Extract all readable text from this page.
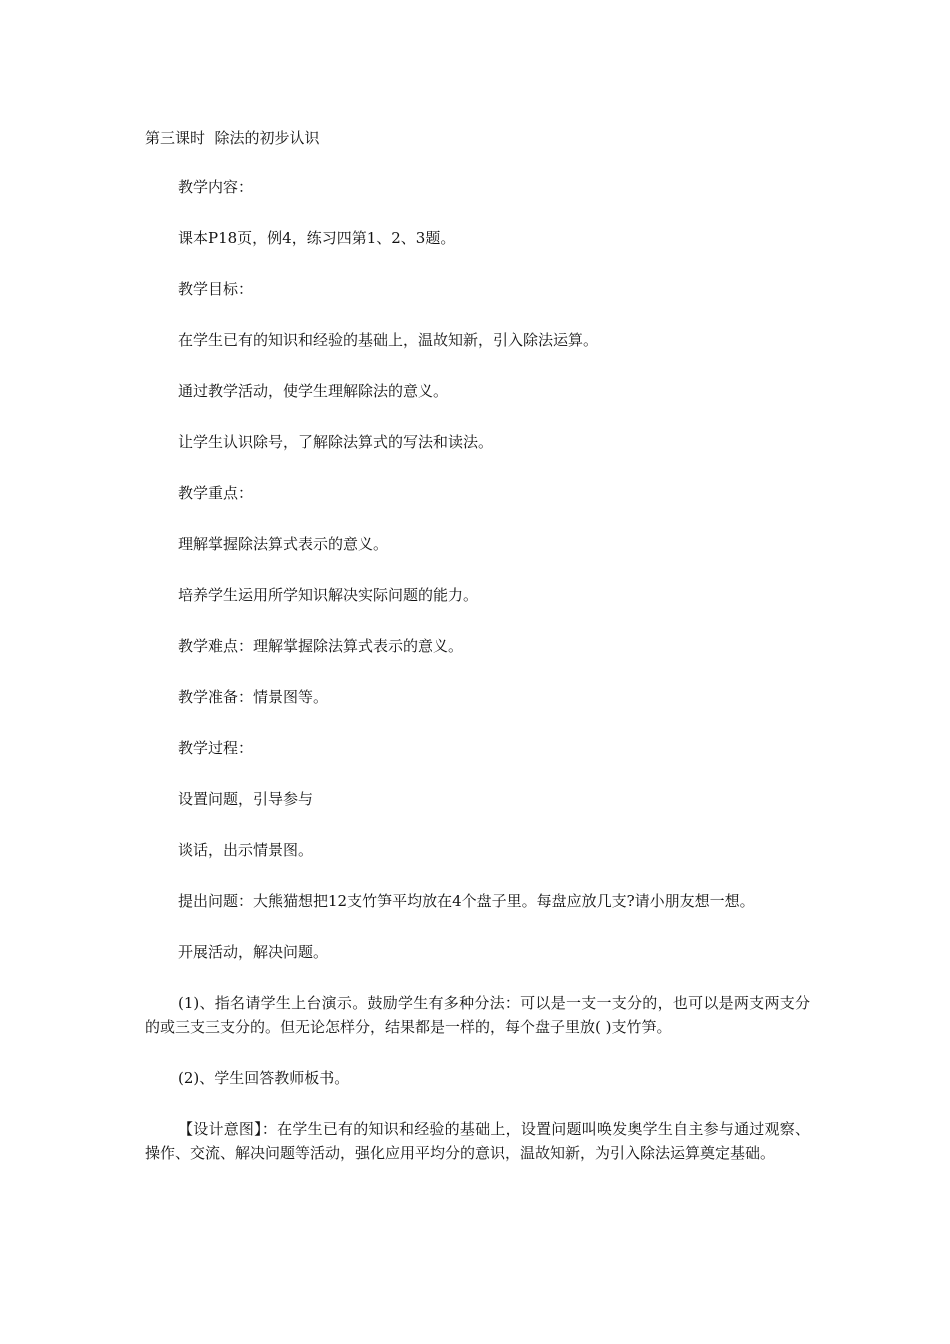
第三课时  除法的初步认识

教学内容：

课本P18页，例4，练习四第1、2、3题。

教学目标：

在学生已有的知识和经验的基础上，温故知新，引入除法运算。

通过教学活动，使学生理解除法的意义。

让学生认识除号，了解除法算式的写法和读法。

教学重点：

理解掌握除法算式表示的意义。

培养学生运用所学知识解决实际问题的能力。

教学难点：理解掌握除法算式表示的意义。

教学准备：情景图等。

教学过程：

设置问题，引导参与

谈话，出示情景图。

提出问题：大熊猫想把12支竹笋平均放在4个盘子里。每盘应放几支?请小朋友想一想。

开展活动，解决问题。

(1)、指名请学生上台演示。鼓励学生有多种分法：可以是一支一支分的，也可以是两支两支分的或三支三支分的。但无论怎样分，结果都是一样的，每个盘子里放( )支竹笋。

(2)、学生回答教师板书。

【设计意图】：在学生已有的知识和经验的基础上，设置问题叫唤发奥学生自主参与通过观察、操作、交流、解决问题等活动，强化应用平均分的意识，温故知新，为引入除法运算奠定基础。
